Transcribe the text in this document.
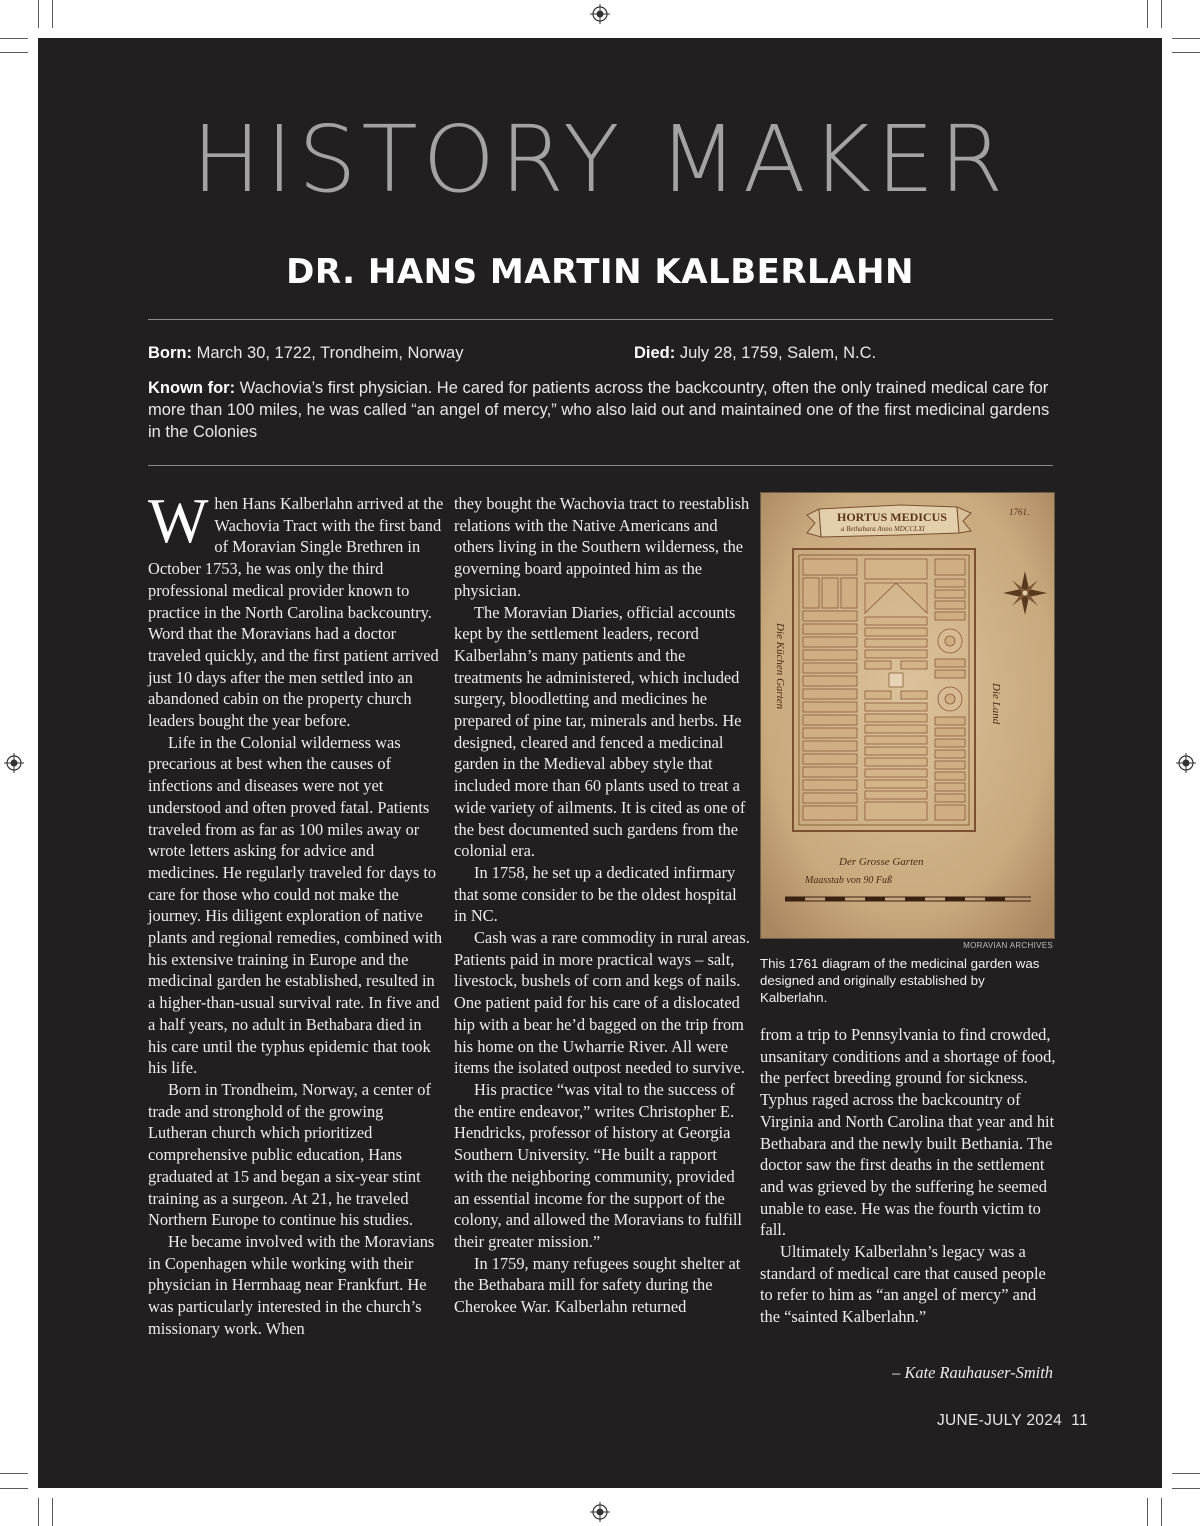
HISTORY MAKER
DR. HANS MARTIN KALBERLAHN

Born: March 30, 1722, Trondheim, Norway	Died: July 28, 1759, Salem, N.C.

Known for: Wachovia’s first physician. He cared for patients across the backcountry, often the only trained medical care for more than 100 miles, he was called “an angel of mercy,” who also laid out and maintained one of the first medicinal gardens in the Colonies

When Hans Kalberlahn arrived at the Wachovia Tract with the first band of Moravian Single Brethren in October 1753, he was only the third professional medical provider known to practice in the North Carolina backcountry. Word that the Moravians had a doctor traveled quickly, and the first patient arrived just 10 days after the men settled into an abandoned cabin on the property church leaders bought the year before.

Life in the Colonial wilderness was precarious at best when the causes of infections and diseases were not yet understood and often proved fatal. Patients traveled from as far as 100 miles away or wrote letters asking for advice and medicines. He regularly traveled for days to care for those who could not make the journey. His diligent exploration of native plants and regional remedies, combined with his extensive training in Europe and the medicinal garden he established, resulted in a higher-than-usual survival rate. In five and a half years, no adult in Bethabara died in his care until the typhus epidemic that took his life.

Born in Trondheim, Norway, a center of trade and stronghold of the growing Lutheran church which prioritized comprehensive public education, Hans graduated at 15 and began a six-year stint training as a surgeon. At 21, he traveled Northern Europe to continue his studies.

He became involved with the Moravians in Copenhagen while working with their physician in Herrnhaag near Frankfurt. He was particularly interested in the church’s missionary work. When

they bought the Wachovia tract to reestablish relations with the Native Americans and others living in the Southern wilderness, the governing board appointed him as the physician.

The Moravian Diaries, official accounts kept by the settlement leaders, record Kalberlahn’s many patients and the treatments he administered, which included surgery, bloodletting and medicines he prepared of pine tar, minerals and herbs. He designed, cleared and fenced a medicinal garden in the Medieval abbey style that included more than 60 plants used to treat a wide variety of ailments. It is cited as one of the best documented such gardens from the colonial era.

In 1758, he set up a dedicated infirmary that some consider to be the oldest hospital in NC.

Cash was a rare commodity in rural areas. Patients paid in more practical ways – salt, livestock, bushels of corn and kegs of nails. One patient paid for his care of a dislocated hip with a bear he’d bagged on the trip from his home on the Uwharrie River. All were items the isolated outpost needed to survive.

His practice “was vital to the success of the entire endeavor,” writes Christopher E. Hendricks, professor of history at Georgia Southern University. “He built a rapport with the neighboring community, provided an essential income for the support of the colony, and allowed the Moravians to fulfill their greater mission.”

In 1759, many refugees sought shelter at the Bethabara mill for safety during the Cherokee War. Kalberlahn returned

HORTUS MEDICUS
a Bethabara Anno MDCCLXI
1761.
Die Küchen Garten	Die Land
Der Grosse Garten
Maasstab von 90 Fuß

MORAVIAN ARCHIVES

This 1761 diagram of the medicinal garden was designed and originally established by Kalberlahn.

from a trip to Pennsylvania to find crowded, unsanitary conditions and a shortage of food, the perfect breeding ground for sickness. Typhus raged across the backcountry of Virginia and North Carolina that year and hit Bethabara and the newly built Bethania. The doctor saw the first deaths in the settlement and was grieved by the suffering he seemed unable to ease. He was the fourth victim to fall.

Ultimately Kalberlahn’s legacy was a standard of medical care that caused people to refer to him as “an angel of mercy” and the “sainted Kalberlahn.”

– Kate Rauhauser-Smith

JUNE-JULY 2024 11
